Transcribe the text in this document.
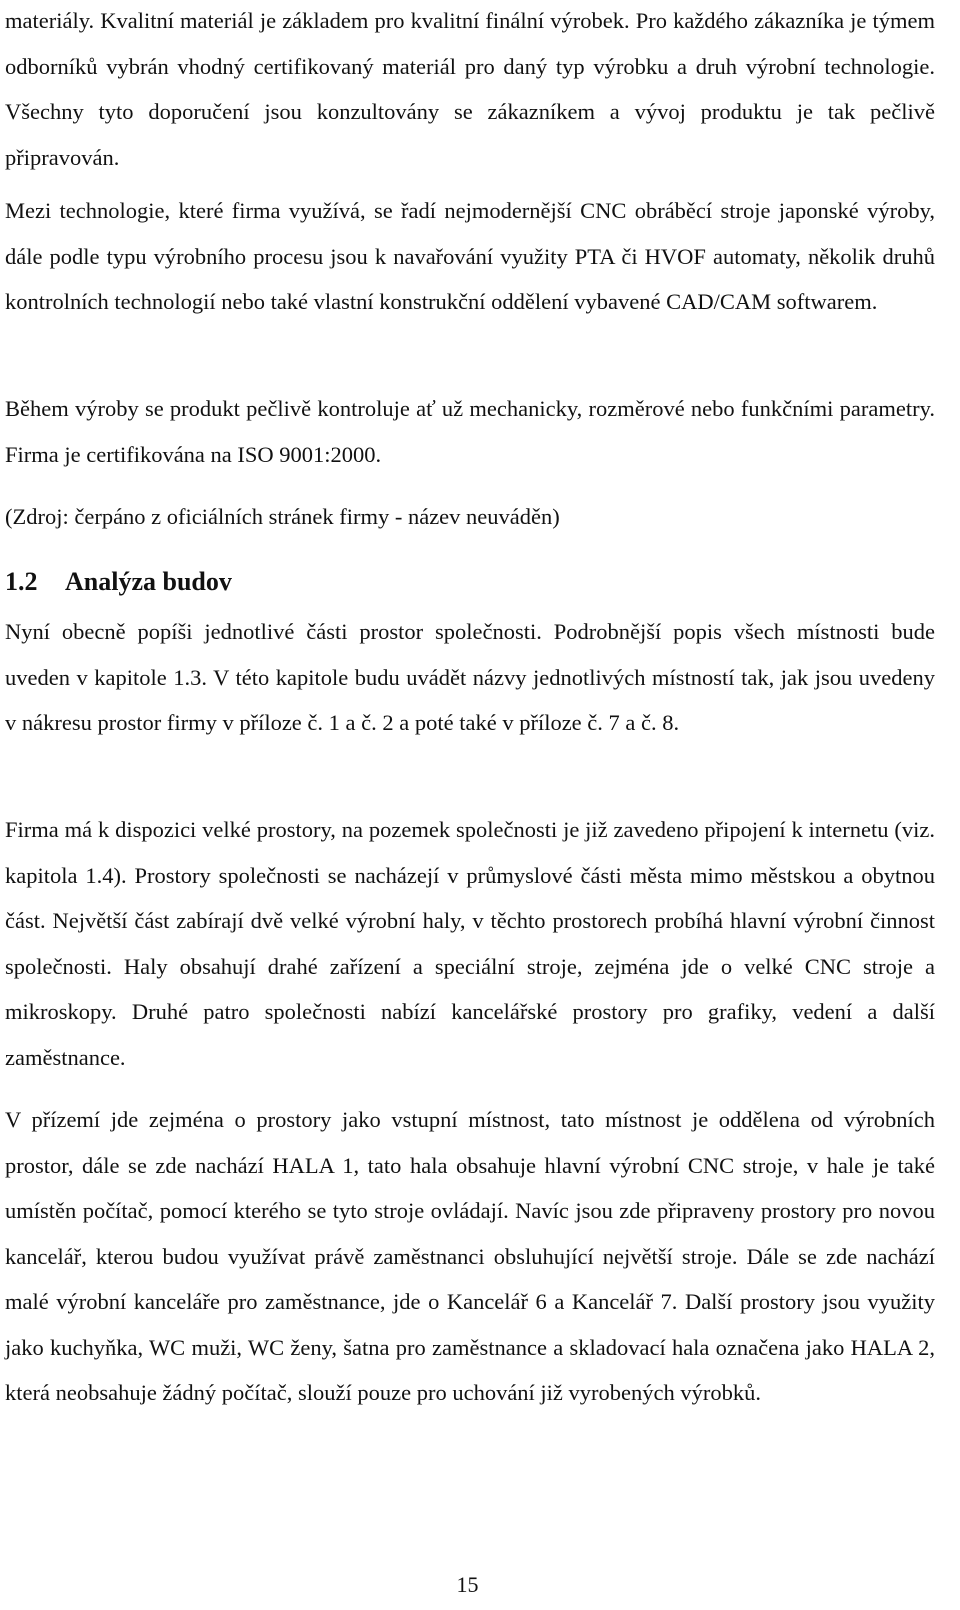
materiály. Kvalitní materiál je základem pro kvalitní finální výrobek. Pro každého zákazníka je týmem odborníků vybrán vhodný certifikovaný materiál pro daný typ výrobku a druh výrobní technologie. Všechny tyto doporučení jsou konzultovány se zákazníkem a vývoj produktu je tak pečlivě připravován.

Mezi technologie, které firma využívá, se řadí nejmodernější CNC obráběcí stroje japonské výroby, dále podle typu výrobního procesu jsou k navařování využity PTA či HVOF automaty, několik druhů kontrolních technologií nebo také vlastní konstrukční oddělení vybavené CAD/CAM softwarem.

Během výroby se produkt pečlivě kontroluje ať už mechanicky, rozměrové nebo funkčními parametry. Firma je certifikována na ISO 9001:2000.

(Zdroj: čerpáno z oficiálních stránek firmy - název neuváděn)

1.2 Analýza budov

Nyní obecně popíši jednotlivé části prostor společnosti. Podrobnější popis všech místnosti bude uveden v kapitole 1.3. V této kapitole budu uvádět názvy jednotlivých místností tak, jak jsou uvedeny v nákresu prostor firmy v příloze č. 1 a č. 2 a poté také v příloze č. 7 a č. 8.

Firma má k dispozici velké prostory, na pozemek společnosti je již zavedeno připojení k internetu (viz. kapitola 1.4). Prostory společnosti se nacházejí v průmyslové části města mimo městskou a obytnou část. Největší část zabírají dvě velké výrobní haly, v těchto prostorech probíhá hlavní výrobní činnost společnosti. Haly obsahují drahé zařízení a speciální stroje, zejména jde o velké CNC stroje a mikroskopy. Druhé patro společnosti nabízí kancelářské prostory pro grafiky, vedení a další zaměstnance.

V přízemí jde zejména o prostory jako vstupní místnost, tato místnost je oddělena od výrobních prostor, dále se zde nachází HALA 1, tato hala obsahuje hlavní výrobní CNC stroje, v hale je také umístěn počítač, pomocí kterého se tyto stroje ovládají. Navíc jsou zde připraveny prostory pro novou kancelář, kterou budou využívat právě zaměstnanci obsluhující největší stroje. Dále se zde nachází malé výrobní kanceláře pro zaměstnance, jde o Kancelář 6 a Kancelář 7. Další prostory jsou využity jako kuchyňka, WC muži, WC ženy, šatna pro zaměstnance a skladovací hala označena jako HALA 2, která neobsahuje žádný počítač, slouží pouze pro uchování již vyrobených výrobků.

15
